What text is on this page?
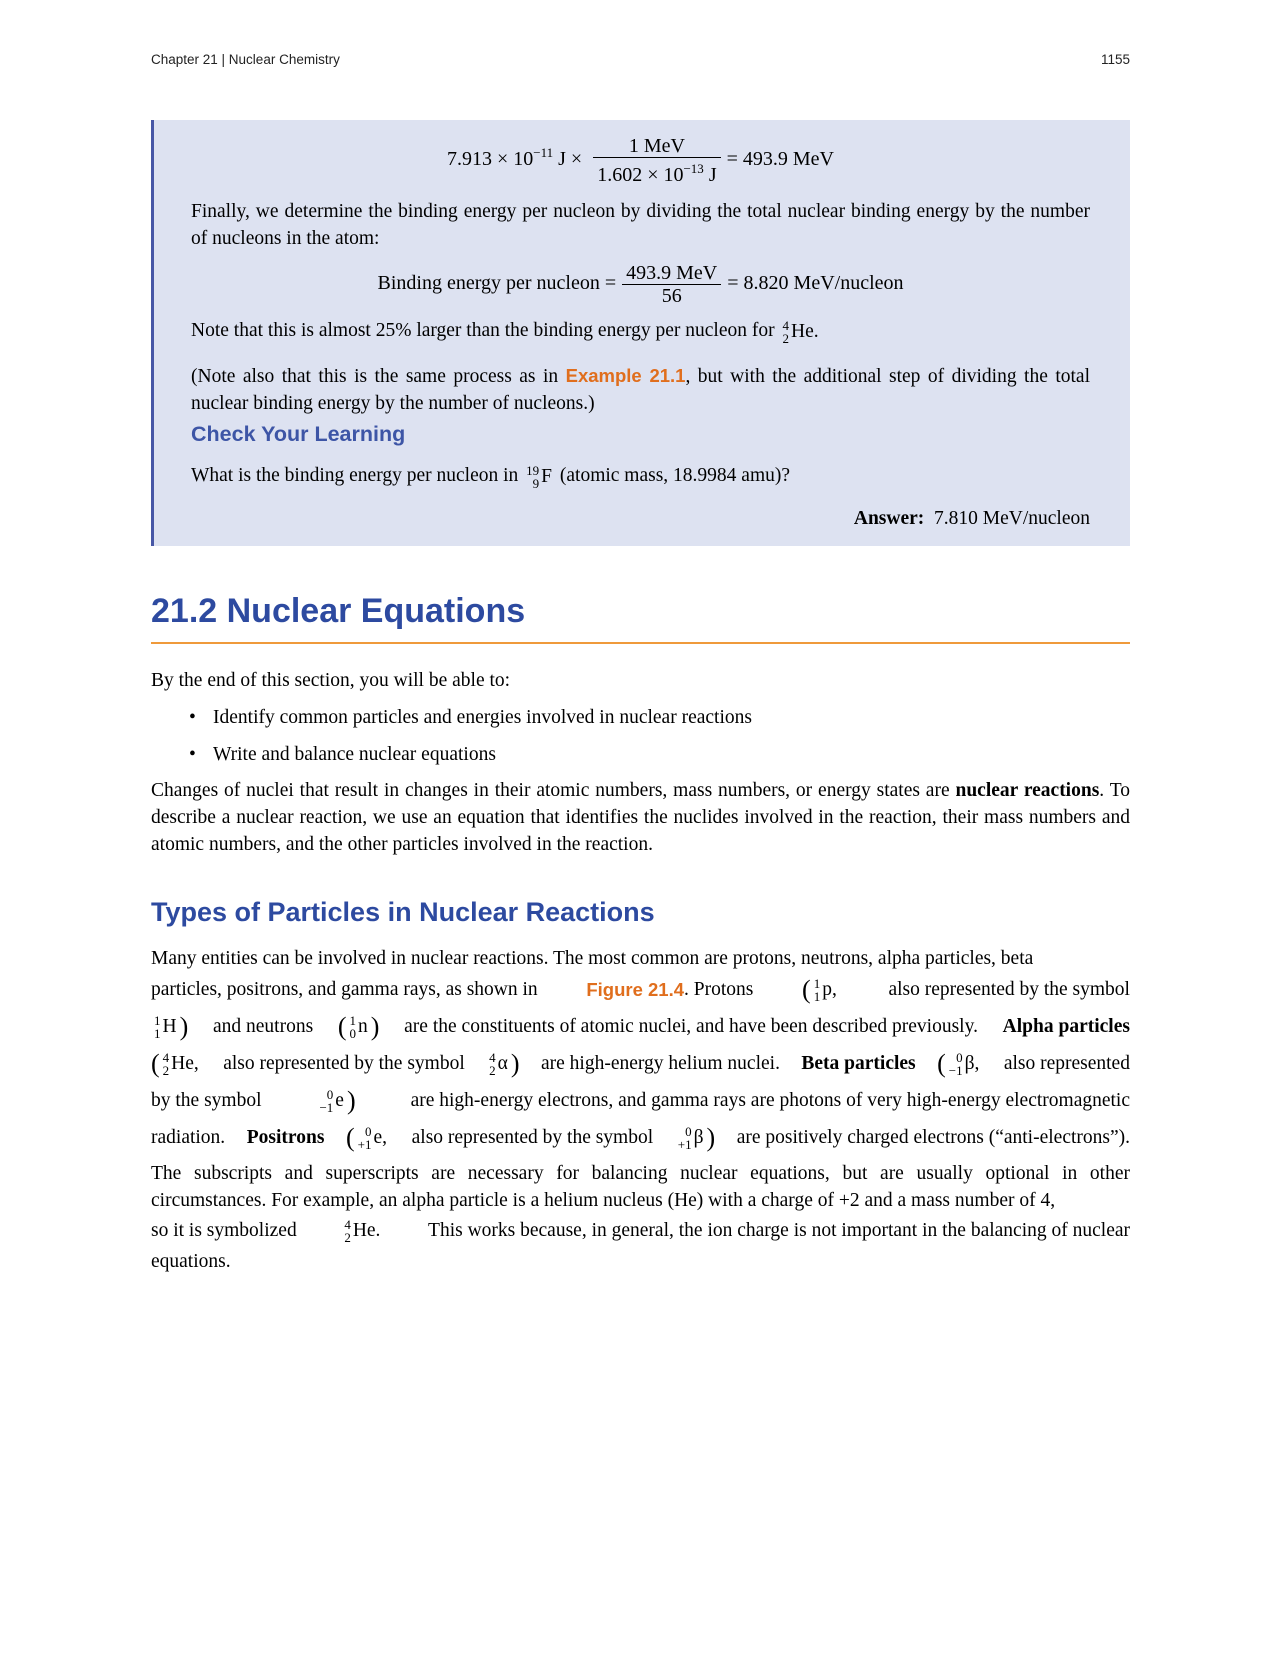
Chapter 21 | Nuclear Chemistry	1155
$7.913 \times 10^{-11}$ $J \times \frac{\text{1 MeV}}{1.602 \times 10^{-13} J} = 493.9$ MeV
Finally, we determine the binding energy per nucleon by dividing the total nuclear binding energy by the number of nucleons in the atom:
Binding energy per nucleon = $\frac{\text{493.9 MeV}}{56} = 8.820$ MeV/nucleon
Note that this is almost 25% larger than the binding energy per nucleon for 4
2 He.
(Note also that this is the same process as in Example 21.1, but with the additional step of dividing the total nuclear binding energy by the number of nucleons.)
Check Your Learning
What is the binding energy per nucleon in 19
9 F (atomic mass, 18.9984 amu)?
Answer: 7.810 MeV/nucleon
21.2 Nuclear Equations
By the end of this section, you will be able to:
• Identify common particles and energies involved in nuclear reactions
• Write and balance nuclear equations
Changes of nuclei that result in changes in their atomic numbers, mass numbers, or energy states are nuclear reactions. To describe a nuclear reaction, we use an equation that identifies the nuclides involved in the reaction, their mass numbers and atomic numbers, and the other particles involved in the reaction.
Types of Particles in Nuclear Reactions
Many entities can be involved in nuclear reactions. The most common are protons, neutrons, alpha particles, beta
particles, positrons, and gamma rays, as shown in	Figure 21.4 . Protons ( 1
1 p,	also represented by the symbol
1
1 H ) and neutrons ( 1
0 n ) are the constituents of atomic nuclei, and have been described previously. Alpha particles
( 4
2 He, also represented by the symbol 4
2 α ) are high-energy helium nuclei. Beta particles ( 0
−1 β, also represented
by the symbol	0
−1 e )	are high-energy electrons, and gamma rays are photons of very high-energy electromagnetic
radiation. Positrons ( 0
+1 e, also represented by the symbol 0
+1 β ) are positively charged electrons (“anti-electrons”).
The subscripts and superscripts are necessary for balancing nuclear equations, but are usually optional in other circumstances. For example, an alpha particle is a helium nucleus (He) with a charge of +2 and a mass number of 4,
so it is symbolized	4
2 He. This works because, in general, the ion charge is not important in the balancing of nuclear
equations.
